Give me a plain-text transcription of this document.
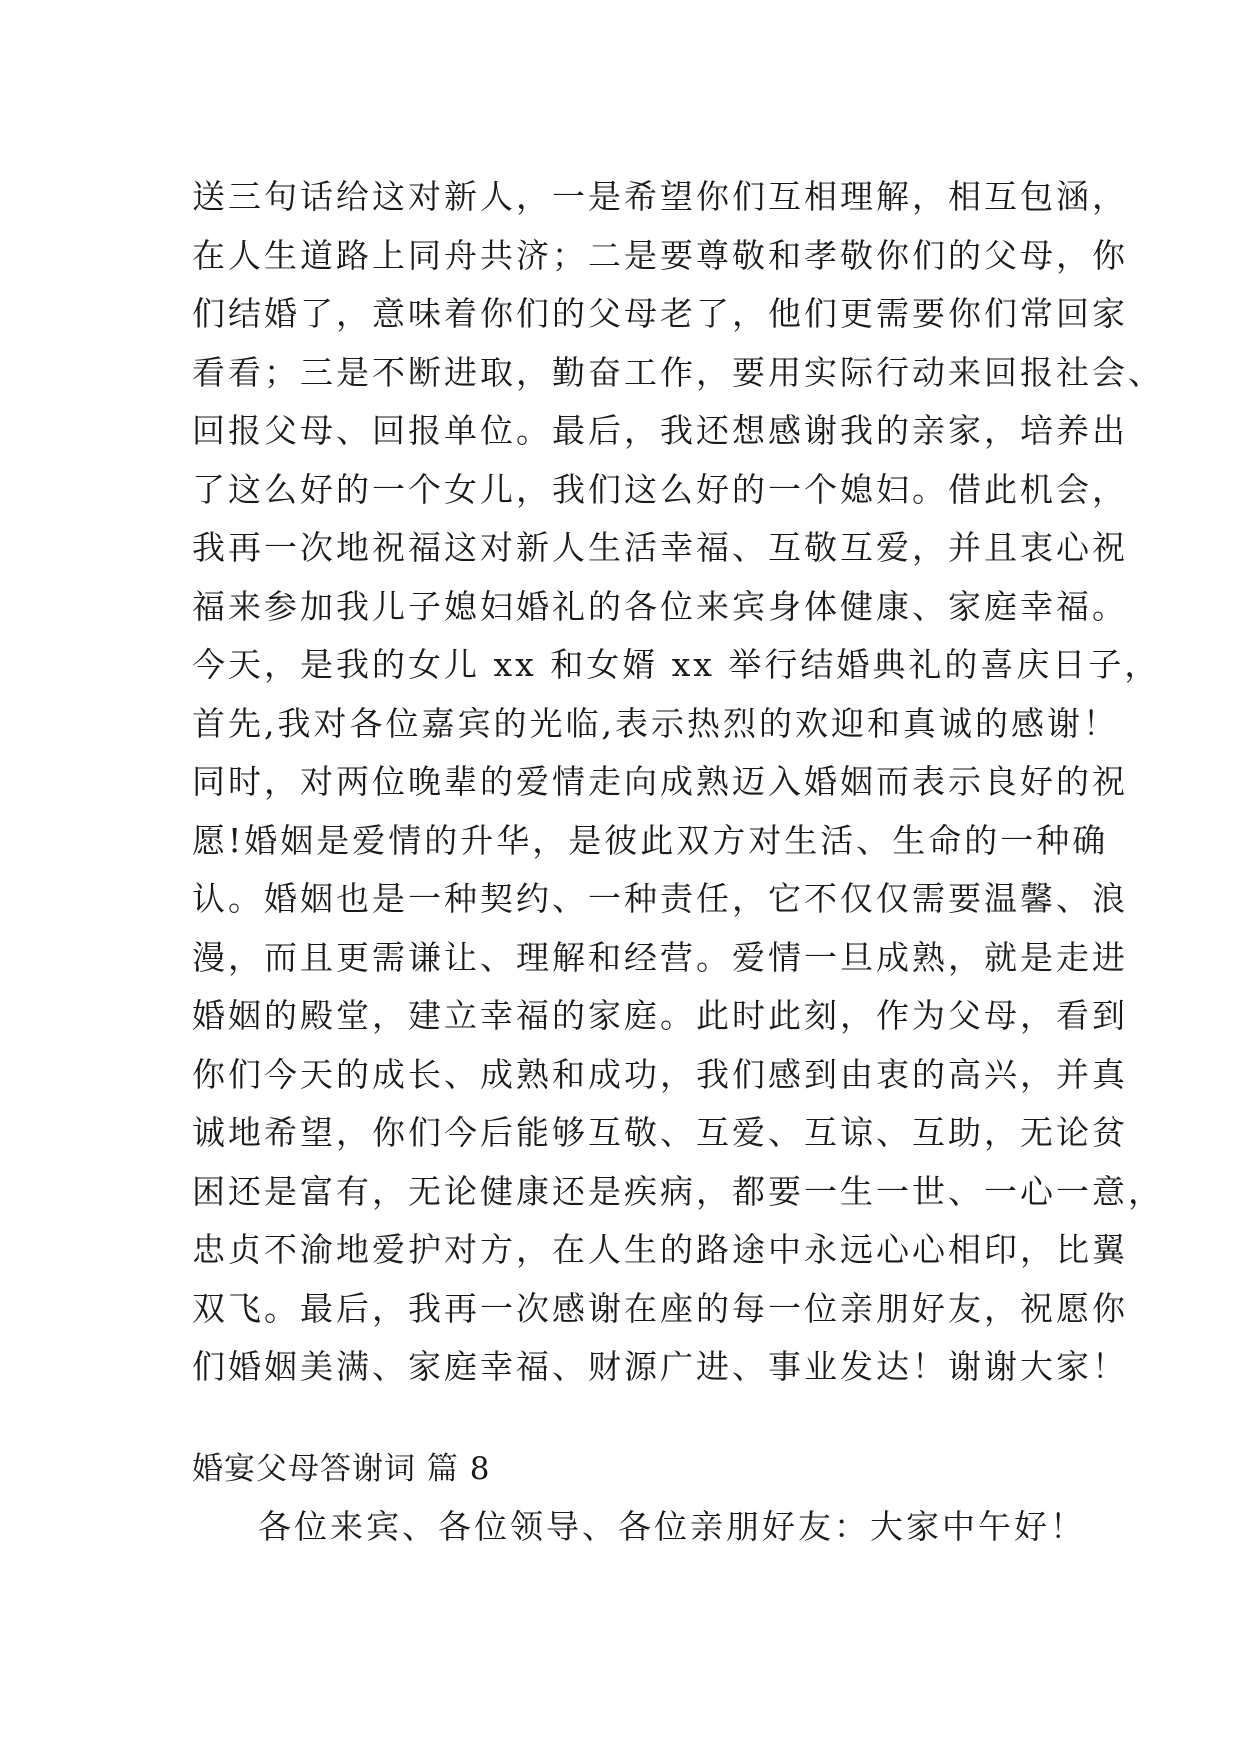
送三句话给这对新人，一是希望你们互相理解，相互包涵，
在人生道路上同舟共济；二是要尊敬和孝敬你们的父母，你
们结婚了，意味着你们的父母老了，他们更需要你们常回家
看看；三是不断进取，勤奋工作，要用实际行动来回报社会、
回报父母、回报单位。最后，我还想感谢我的亲家，培养出
了这么好的一个女儿，我们这么好的一个媳妇。借此机会，
我再一次地祝福这对新人生活幸福、互敬互爱，并且衷心祝
福来参加我儿子媳妇婚礼的各位来宾身体健康、家庭幸福。
今天，是我的女儿 xx 和女婿 xx 举行结婚典礼的喜庆日子，
首先,我对各位嘉宾的光临,表示热烈的欢迎和真诚的感谢！
同时，对两位晚辈的爱情走向成熟迈入婚姻而表示良好的祝
愿!婚姻是爱情的升华，是彼此双方对生活、生命的一种确
认。婚姻也是一种契约、一种责任，它不仅仅需要温馨、浪
漫，而且更需谦让、理解和经营。爱情一旦成熟，就是走进
婚姻的殿堂，建立幸福的家庭。此时此刻，作为父母，看到
你们今天的成长、成熟和成功，我们感到由衷的高兴，并真
诚地希望，你们今后能够互敬、互爱、互谅、互助，无论贫
困还是富有，无论健康还是疾病，都要一生一世、一心一意，
忠贞不渝地爱护对方，在人生的路途中永远心心相印，比翼
双飞。最后，我再一次感谢在座的每一位亲朋好友，祝愿你
们婚姻美满、家庭幸福、财源广进、事业发达！谢谢大家！
婚宴父母答谢词 篇 8
各位来宾、各位领导、各位亲朋好友：大家中午好！
